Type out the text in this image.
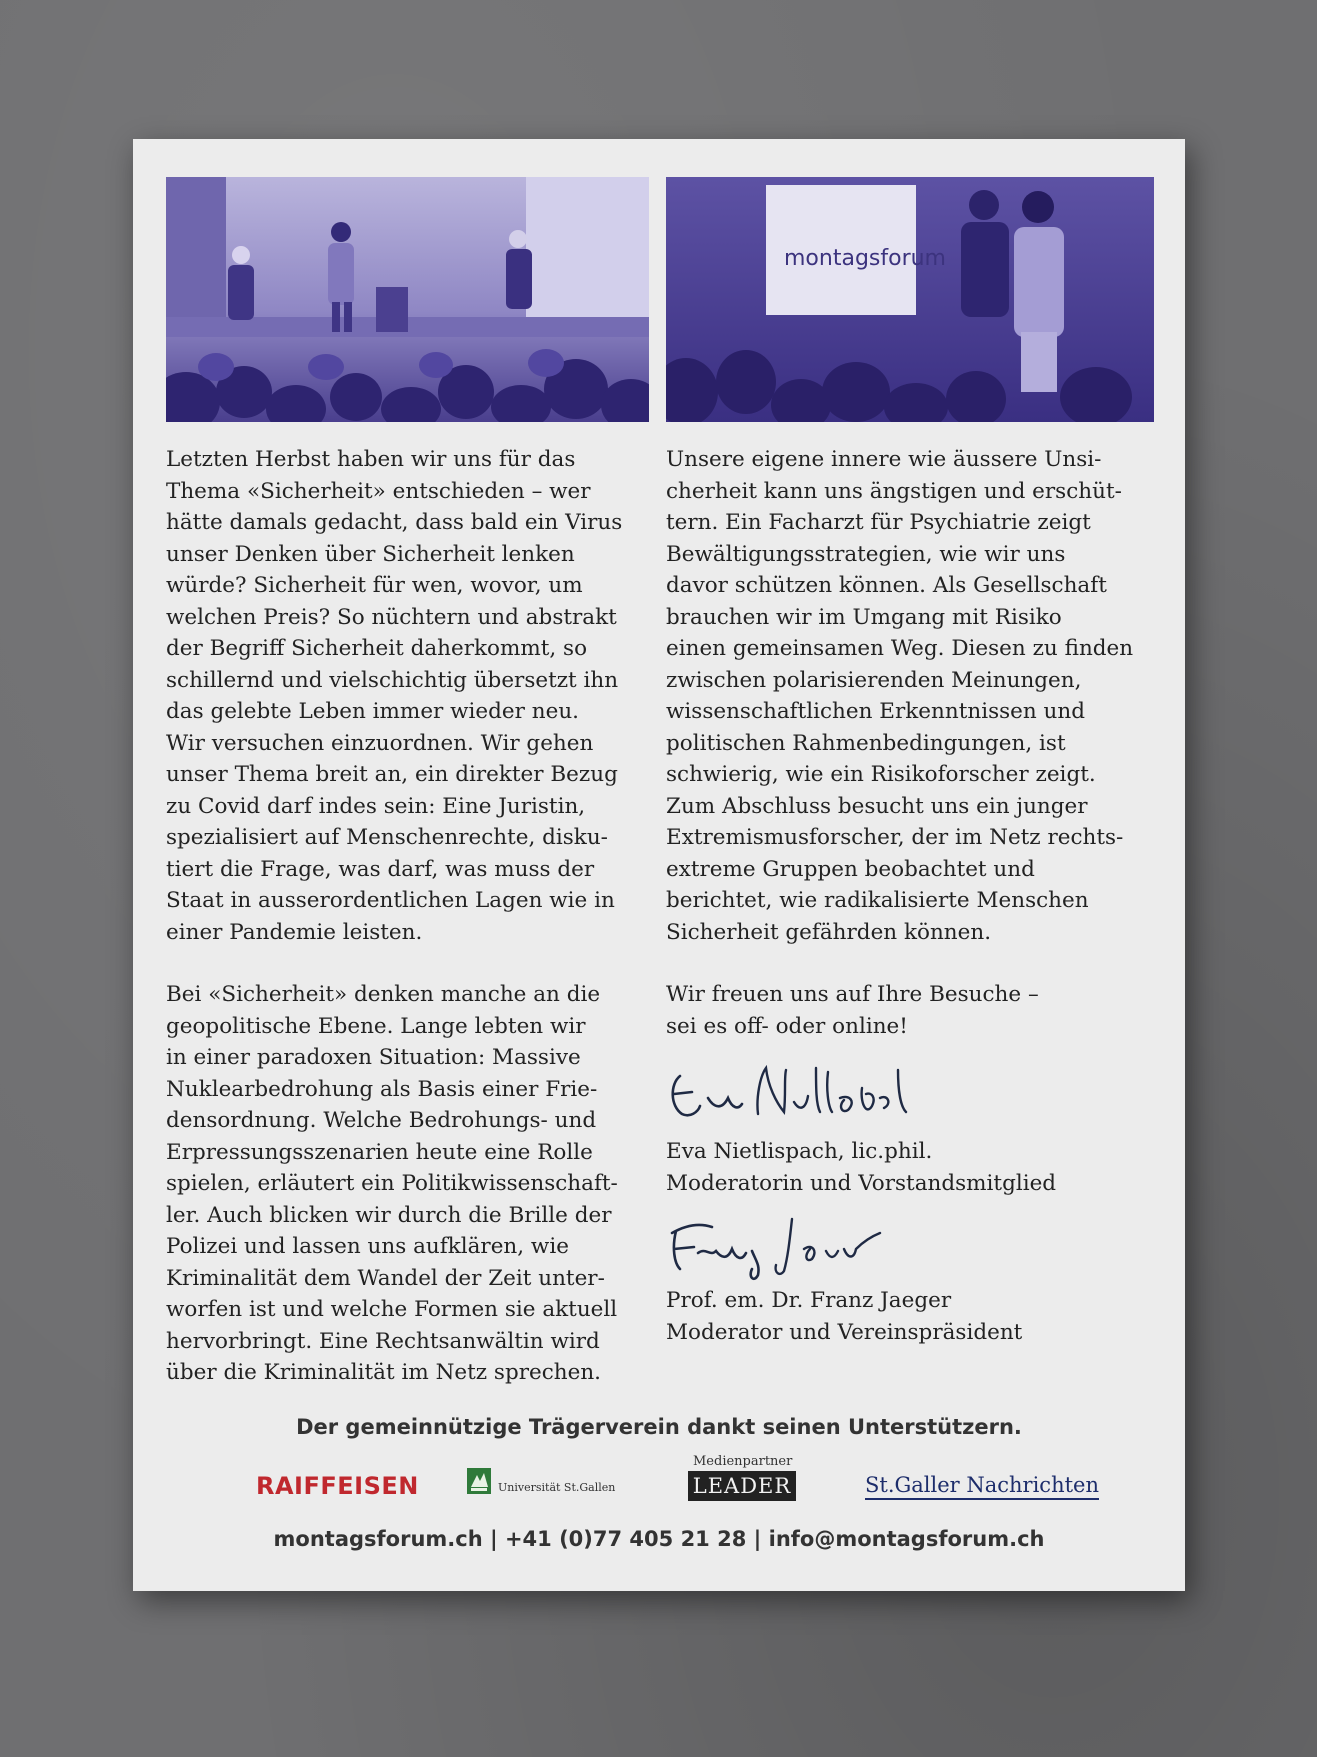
montagsforum

Letzten Herbst haben wir uns für das
Thema «Sicherheit» entschieden – wer
hätte damals gedacht, dass bald ein Virus
unser Denken über Sicherheit lenken
würde? Sicherheit für wen, wovor, um
welchen Preis? So nüchtern und abstrakt
der Begriff Sicherheit daherkommt, so
schillernd und vielschichtig übersetzt ihn
das gelebte Leben immer wieder neu.
Wir versuchen einzuordnen. Wir gehen
unser Thema breit an, ein direkter Bezug
zu Covid darf indes sein: Eine Juristin,
spezialisiert auf Menschenrechte, disku-
tiert die Frage, was darf, was muss der
Staat in ausserordentlichen Lagen wie in
einer Pandemie leisten.

Bei «Sicherheit» denken manche an die
geopolitische Ebene. Lange lebten wir
in einer paradoxen Situation: Massive
Nuklearbedrohung als Basis einer Frie-
densordnung. Welche Bedrohungs- und
Erpressungsszenarien heute eine Rolle
spielen, erläutert ein Politikwissenschaft-
ler. Auch blicken wir durch die Brille der
Polizei und lassen uns aufklären, wie
Kriminalität dem Wandel der Zeit unter-
worfen ist und welche Formen sie aktuell
hervorbringt. Eine Rechtsanwältin wird
über die Kriminalität im Netz sprechen.

Unsere eigene innere wie äussere Unsi-
cherheit kann uns ängstigen und erschüt-
tern. Ein Facharzt für Psychiatrie zeigt
Bewältigungsstrategien, wie wir uns
davor schützen können. Als Gesellschaft
brauchen wir im Umgang mit Risiko
einen gemeinsamen Weg. Diesen zu finden
zwischen polarisierenden Meinungen,
wissenschaftlichen Erkenntnissen und
politischen Rahmenbedingungen, ist
schwierig, wie ein Risikoforscher zeigt.
Zum Abschluss besucht uns ein junger
Extremismusforscher, der im Netz rechts-
extreme Gruppen beobachtet und
berichtet, wie radikalisierte Menschen
Sicherheit gefährden können.

Wir freuen uns auf Ihre Besuche –
sei es off- oder online!

Eva Nietlispach, lic.phil.
Moderatorin und Vorstandsmitglied
Prof. em. Dr. Franz Jaeger
Moderator und Vereinspräsident
Der gemeinnützige Trägerverein dankt seinen Unterstützern.
RAIFFEISEN	Universität St.Gallen
Medienpartner
LEADER	St.Galler Nachrichten
montagsforum.ch | +41 (0)77 405 21 28 | info@montagsforum.ch
